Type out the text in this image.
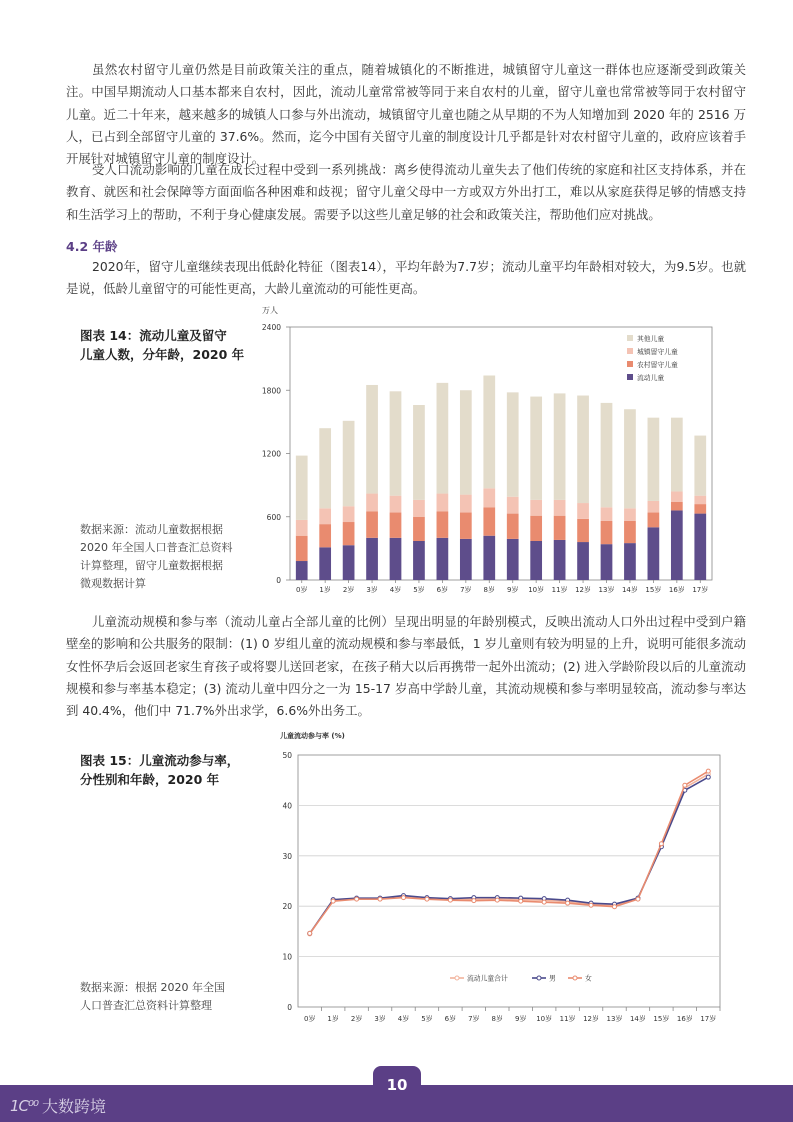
虽然农村留守儿童仍然是目前政策关注的重点，随着城镇化的不断推进，城镇留守儿童这一群体也应逐渐受到政策关注。中国早期流动人口基本都来自农村，因此，流动儿童常常被等同于来自农村的儿童，留守儿童也常常被等同于农村留守儿童。近二十年来，越来越多的城镇人口参与外出流动，城镇留守儿童也随之从早期的不为人知增加到 2020 年的 2516 万人，已占到全部留守儿童的 37.6%。然而，迄今中国有关留守儿童的制度设计几乎都是针对农村留守儿童的，政府应该着手开展针对城镇留守儿童的制度设计。

受人口流动影响的儿童在成长过程中受到一系列挑战：离乡使得流动儿童失去了他们传统的家庭和社区支持体系，并在教育、就医和社会保障等方面面临各种困难和歧视；留守儿童父母中一方或双方外出打工，难以从家庭获得足够的情感支持和生活学习上的帮助，不利于身心健康发展。需要予以这些儿童足够的社会和政策关注，帮助他们应对挑战。

4.2 年龄

2020年，留守儿童继续表现出低龄化特征（图表14），平均年龄为7.7岁；流动儿童平均年龄相对较大，为9.5岁。也就是说，低龄儿童留守的可能性更高，大龄儿童流动的可能性更高。

图表 14：流动儿童及留守
儿童人数，分年龄，2020 年
数据来源：流动儿童数据根据
2020 年全国人口普查汇总资料
计算整理，留守儿童数据根据
微观数据计算
万人
0
600
1200
1800
2400
0岁 1岁 2岁 3岁 4岁 5岁 6岁 7岁 8岁 9岁 10岁 11岁 12岁 13岁 14岁 15岁 16岁 17岁
其他儿童
城镇留守儿童
农村留守儿童
流动儿童

儿童流动规模和参与率（流动儿童占全部儿童的比例）呈现出明显的年龄别模式，反映出流动人口外出过程中受到户籍壁垒的影响和公共服务的限制：(1) 0 岁组儿童的流动规模和参与率最低，1 岁儿童则有较为明显的上升，说明可能很多流动女性怀孕后会返回老家生育孩子或将婴儿送回老家，在孩子稍大以后再携带一起外出流动；(2) 进入学龄阶段以后的儿童流动规模和参与率基本稳定；(3) 流动儿童中四分之一为 15-17 岁高中学龄儿童，其流动规模和参与率明显较高，流动参与率达到 40.4%，他们中 71.7%外出求学，6.6%外出务工。

图表 15：儿童流动参与率，
分性别和年龄，2020 年
数据来源：根据 2020 年全国
人口普查汇总资料计算整理
儿童流动参与率 (%)
0
10
20
30
40
50
0岁 1岁 2岁 3岁 4岁 5岁 6岁 7岁 8岁 9岁 10岁 11岁 12岁 13岁 14岁 15岁 16岁 17岁
流动儿童合计	男	女
10
1C⁰⁰ 大数跨境
